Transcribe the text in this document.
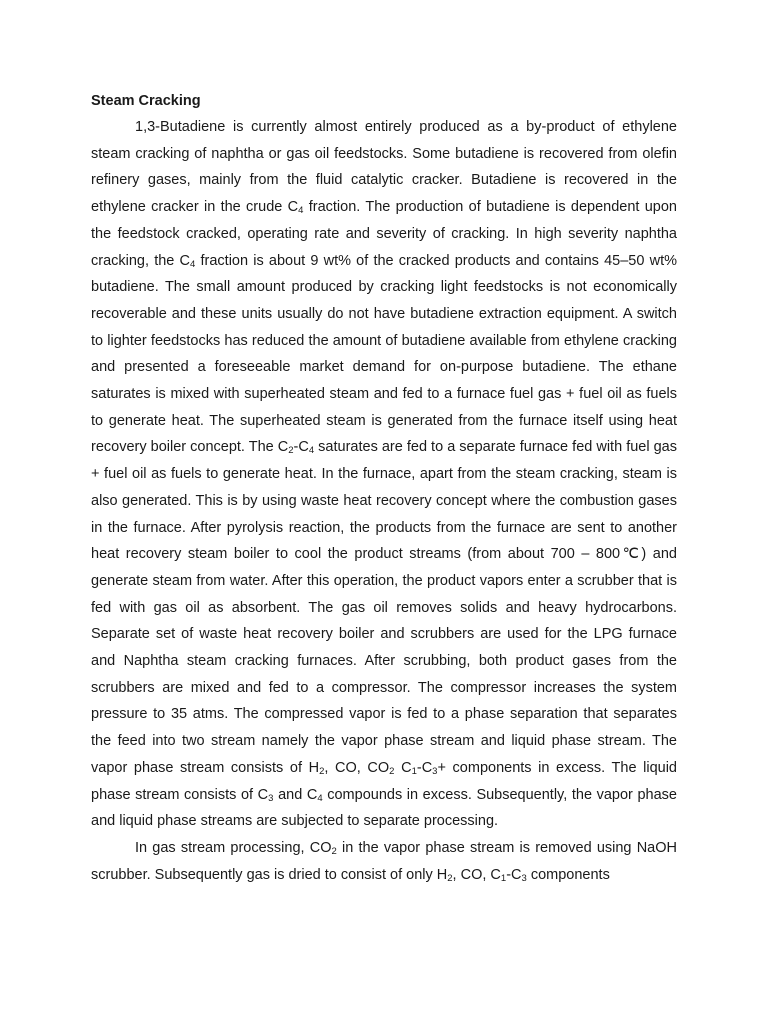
Steam Cracking

1,3-Butadiene is currently almost entirely produced as a by-product of ethylene steam cracking of naphtha or gas oil feedstocks. Some butadiene is recovered from olefin refinery gases, mainly from the fluid catalytic cracker. Butadiene is recovered in the ethylene cracker in the crude $C_4$ fraction. The production of butadiene is dependent upon the feedstock cracked, operating rate and severity of cracking. In high severity naphtha cracking, the $C_4$ fraction is about 9 wt% of the cracked products and contains 45–50 wt% butadiene. The small amount produced by cracking light feedstocks is not economically recoverable and these units usually do not have butadiene extraction equipment. A switch to lighter feedstocks has reduced the amount of butadiene available from ethylene cracking and presented a foreseeable market demand for on-purpose butadiene. The ethane saturates is mixed with superheated steam and fed to a furnace fuel gas + fuel oil as fuels to generate heat. The superheated steam is generated from the furnace itself using heat recovery boiler concept. The $C_2-C_4$ saturates are fed to a separate furnace fed with fuel gas + fuel oil as fuels to generate heat. In the furnace, apart from the steam cracking, steam is also generated. This is by using waste heat recovery concept where the combustion gases in the furnace. After pyrolysis reaction, the products from the furnace are sent to another heat recovery steam boiler to cool the product streams (from about 700 – 800℃) and generate steam from water. After this operation, the product vapors enter a scrubber that is fed with gas oil as absorbent. The gas oil removes solids and heavy hydrocarbons. Separate set of waste heat recovery boiler and scrubbers are used for the LPG furnace and Naphtha steam cracking furnaces. After scrubbing, both product gases from the scrubbers are mixed and fed to a compressor. The compressor increases the system pressure to 35 atms. The compressed vapor is fed to a phase separation that separates the feed into two stream namely the vapor phase stream and liquid phase stream. The vapor phase stream consists of $H_2$, CO, $CO_2$ $C_1-C_3+$ components in excess. The liquid phase stream consists of $C_3$ and $C_4$ compounds in excess. Subsequently, the vapor phase and liquid phase streams are subjected to separate processing.

In gas stream processing, $CO_2$ in the vapor phase stream is removed using NaOH scrubber. Subsequently gas is dried to consist of only $H_2$, CO, $C_1-C_3$ components
